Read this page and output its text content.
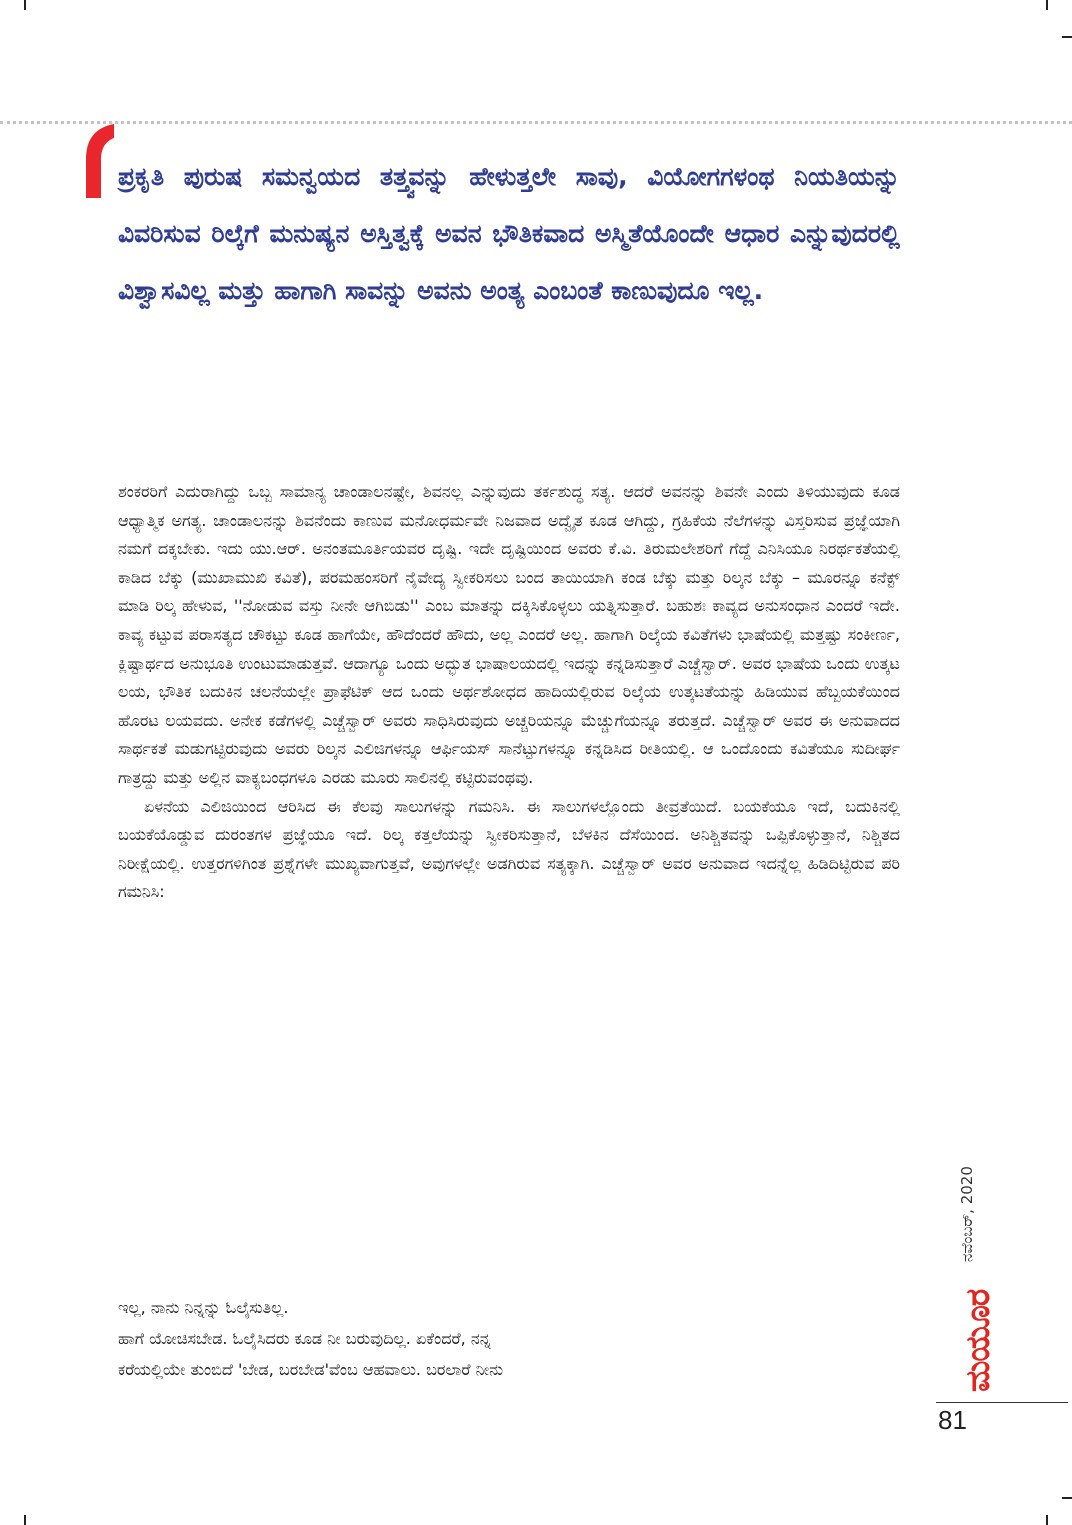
ಪ್ರಕೃತಿ ಪುರುಷ ಸಮನ್ವಯದ ತತ್ತ್ವವನ್ನು ಹೇಳುತ್ತಲೇ ಸಾವು, ವಿಯೋಗಗಳಂಥ ನಿಯತಿಯನ್ನು ವಿವರಿಸುವ ರಿಲ್ಕೆಗೆ ಮನುಷ್ಯನ ಅಸ್ತಿತ್ವಕ್ಕೆ ಅವನ ಭೌತಿಕವಾದ ಅಸ್ಮಿತೆಯೊಂದೇ ಆಧಾರ ಎನ್ನುವುದರಲ್ಲಿ ವಿಶ್ವಾಸವಿಲ್ಲ ಮತ್ತು ಹಾಗಾಗಿ ಸಾವನ್ನು ಅವನು ಅಂತ್ಯ ಎಂಬಂತೆ ಕಾಣುವುದೂ ಇಲ್ಲ.

ಶಂಕರರಿಗೆ ಎದುರಾಗಿದ್ದು ಒಬ್ಬ ಸಾಮಾನ್ಯ ಚಾಂಡಾಲನಷ್ಟೇ, ಶಿವನಲ್ಲ ಎನ್ನುವುದು ತರ್ಕಶುದ್ಧ ಸತ್ಯ. ಆದರೆ ಅವನನ್ನು ಶಿವನೇ ಎಂದು ತಿಳಿಯುವುದು ಕೂಡ ಆಧ್ಯಾತ್ಮಿಕ ಅಗತ್ಯ. ಚಾಂಡಾಲನನ್ನು ಶಿವನೆಂದು ಕಾಣುವ ಮನೋಧರ್ಮವೇ ನಿಜವಾದ ಅದ್ವೈತ ಕೂಡ ಆಗಿದ್ದು, ಗ್ರಹಿಕೆಯ ನೆಲೆಗಳನ್ನು ವಿಸ್ತರಿಸುವ ಪ್ರಜ್ಞೆಯಾಗಿ ನಮಗೆ ದಕ್ಕಬೇಕು. ಇದು ಯು.ಆರ್. ಅನಂತಮೂರ್ತಿಯವರ ದೃಷ್ಟಿ. ಇದೇ ದೃಷ್ಟಿಯಿಂದ ಅವರು ಕೆ.ವಿ. ತಿರುಮಲೇಶರಿಗೆ ಗೆದ್ದೆ ಎನಿಸಿಯೂ ನಿರರ್ಥಕತೆಯಲ್ಲಿ ಕಾಡಿದ ಬೆಕ್ಕು (ಮುಖಾಮುಖಿ ಕವಿತೆ), ಪರಮಹಂಸರಿಗೆ ನೈವೇದ್ಯ ಸ್ವೀಕರಿಸಲು ಬಂದ ತಾಯಿಯಾಗಿ ಕಂಡ ಬೆಕ್ಕು ಮತ್ತು ರಿಲ್ಕನ ಬೆಕ್ಕು – ಮೂರನ್ನೂ ಕನೆಕ್ಟ್ ಮಾಡಿ ರಿಲ್ಕ ಹೇಳುವ, ''ನೋಡುವ ವಸ್ತು ನೀನೇ ಆಗಿಬಿಡು'' ಎಂಬ ಮಾತನ್ನು ದಕ್ಕಿಸಿಕೊಳ್ಳಲು ಯತ್ನಿಸುತ್ತಾರೆ. ಬಹುಶಃ ಕಾವ್ಯದ ಅನುಸಂಧಾನ ಎಂದರೆ ಇದೇ. ಕಾವ್ಯ ಕಟ್ಟುವ ಪರಾಸತ್ಯದ ಚೌಕಟ್ಟು ಕೂಡ ಹಾಗೆಯೇ, ಹೌದೆಂದರೆ ಹೌದು, ಅಲ್ಲ ಎಂದರೆ ಅಲ್ಲ. ಹಾಗಾಗಿ ರಿಲ್ಕೆಯ ಕವಿತೆಗಳು ಭಾಷೆಯಲ್ಲಿ ಮತ್ತಷ್ಟು ಸಂಕೀರ್ಣ, ಕ್ಲಿಷ್ಟಾರ್ಥದ ಅನುಭೂತಿ ಉಂಟುಮಾಡುತ್ತವೆ. ಆದಾಗ್ಯೂ ಒಂದು ಅದ್ಭುತ ಭಾಷಾಲಯದಲ್ಲಿ ಇದನ್ನು ಕನ್ನಡಿಸುತ್ತಾರೆ ಎಚ್ಚೆಸ್ವಾರ್. ಅವರ ಭಾಷೆಯ ಒಂದು ಉತ್ಕಟ ಲಯ, ಭೌತಿಕ ಬದುಕಿನ ಚಲನೆಯಲ್ಲೇ ಪ್ರಾಫೆಟಿಕ್ ಆದ ಒಂದು ಅರ್ಥಶೋಧದ ಹಾದಿಯಲ್ಲಿರುವ ರಿಲ್ಕೆಯ ಉತ್ಕಟತೆಯನ್ನು ಹಿಡಿಯುವ ಹೆಬ್ಬಯಕೆಯಿಂದ ಹೊರಟ ಲಯವದು. ಅನೇಕ ಕಡೆಗಳಲ್ಲಿ ಎಚ್ಚೆಸ್ವಾರ್ ಅವರು ಸಾಧಿಸಿರುವುದು ಅಚ್ಚರಿಯನ್ನೂ ಮೆಚ್ಚುಗೆಯನ್ನೂ ತರುತ್ತದೆ. ಎಚ್ಚೆಸ್ವಾರ್ ಅವರ ಈ ಅನುವಾದದ ಸಾರ್ಥಕತೆ ಮಡುಗಟ್ಟಿರುವುದು ಅವರು ರಿಲ್ಕನ ಎಲಿಜಿಗಳನ್ನೂ ಆರ್ಫಿಯಸ್ ಸಾನೆಟ್ಟುಗಳನ್ನೂ ಕನ್ನಡಿಸಿದ ರೀತಿಯಲ್ಲಿ. ಆ ಒಂದೊಂದು ಕವಿತೆಯೂ ಸುದೀರ್ಘ ಗಾತ್ರದ್ದು ಮತ್ತು ಅಲ್ಲಿನ ವಾಕ್ಯಬಂಧಗಳೂ ಎರಡು ಮೂರು ಸಾಲಿನಲ್ಲಿ ಕಟ್ಟಿರುವಂಥವು.

ಏಳನೆಯ ಎಲಿಜಿಯಿಂದ ಆರಿಸಿದ ಈ ಕೆಲವು ಸಾಲುಗಳನ್ನು ಗಮನಿಸಿ. ಈ ಸಾಲುಗಳಲ್ಲೊಂದು ತೀವ್ರತೆಯಿದೆ. ಬಯಕೆಯೂ ಇದೆ, ಬದುಕಿನಲ್ಲಿ ಬಯಕೆಯೊಡ್ಡುವ ದುರಂತಗಳ ಪ್ರಜ್ಞೆಯೂ ಇದೆ. ರಿಲ್ಕ ಕತ್ತಲೆಯನ್ನು ಸ್ವೀಕರಿಸುತ್ತಾನೆ, ಬೆಳಕಿನ ದೆಸೆಯಿಂದ. ಅನಿಶ್ಚಿತವನ್ನು ಒಪ್ಪಿಕೊಳ್ಳುತ್ತಾನೆ, ನಿಶ್ಚಿತದ ನಿರೀಕ್ಷೆಯಲ್ಲಿ. ಉತ್ತರಗಳಿಗಿಂತ ಪ್ರಶ್ನೆಗಳೇ ಮುಖ್ಯವಾಗುತ್ತವೆ, ಅವುಗಳಲ್ಲೇ ಅಡಗಿರುವ ಸತ್ಯಕ್ಕಾಗಿ. ಎಚ್ಚೆಸ್ವಾರ್ ಅವರ ಅನುವಾದ ಇದನ್ನೆಲ್ಲ ಹಿಡಿದಿಟ್ಟಿರುವ ಪರಿ ಗಮನಿಸಿ:

ಇಲ್ಲ, ನಾನು ನಿನ್ನನ್ನು ಓಲೈಸುತಿಲ್ಲ.
ಹಾಗೆ ಯೋಚಿಸಬೇಡ. ಓಲೈಸಿದರು ಕೂಡ ನೀ ಬರುವುದಿಲ್ಲ. ಏಕೆಂದರೆ, ನನ್ನ
ಕರೆಯಲ್ಲಿಯೇ ತುಂಬಿದೆ 'ಬೇಡ, ಬರಬೇಡ'ವೆಂಬ ಆಹವಾಲು. ಬರಲಾರೆ ನೀನು
ನವೆಂಬರ್, 2020
ಮಯೂರ
81
